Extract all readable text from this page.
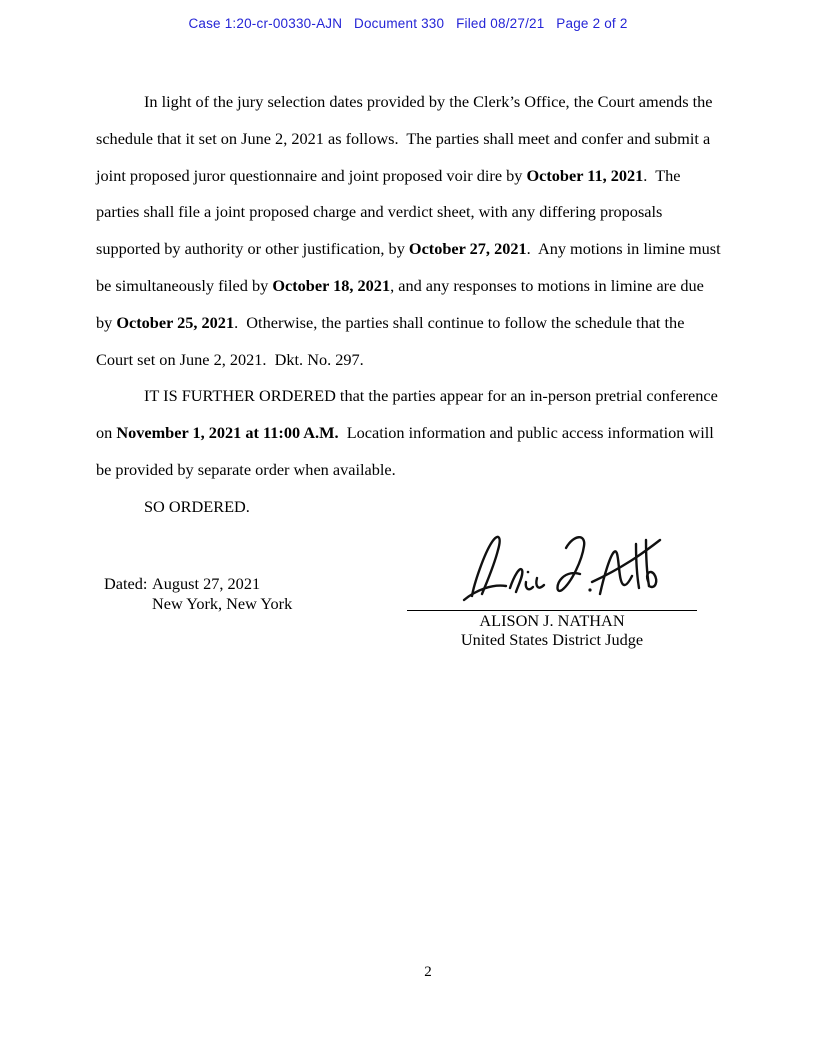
Case 1:20-cr-00330-AJN   Document 330   Filed 08/27/21   Page 2 of 2

In light of the jury selection dates provided by the Clerk’s Office, the Court amends the schedule that it set on June 2, 2021 as follows.  The parties shall meet and confer and submit a joint proposed juror questionnaire and joint proposed voir dire by October 11, 2021.  The parties shall file a joint proposed charge and verdict sheet, with any differing proposals supported by authority or other justification, by October 27, 2021.  Any motions in limine must be simultaneously filed by October 18, 2021, and any responses to motions in limine are due by October 25, 2021.  Otherwise, the parties shall continue to follow the schedule that the Court set on June 2, 2021.  Dkt. No. 297.

IT IS FURTHER ORDERED that the parties appear for an in-person pretrial conference on November 1, 2021 at 11:00 A.M.  Location information and public access information will be provided by separate order when available.

SO ORDERED.

Dated: August 27, 2021
New York, New York
ALISON J. NATHAN
United States District Judge
2
